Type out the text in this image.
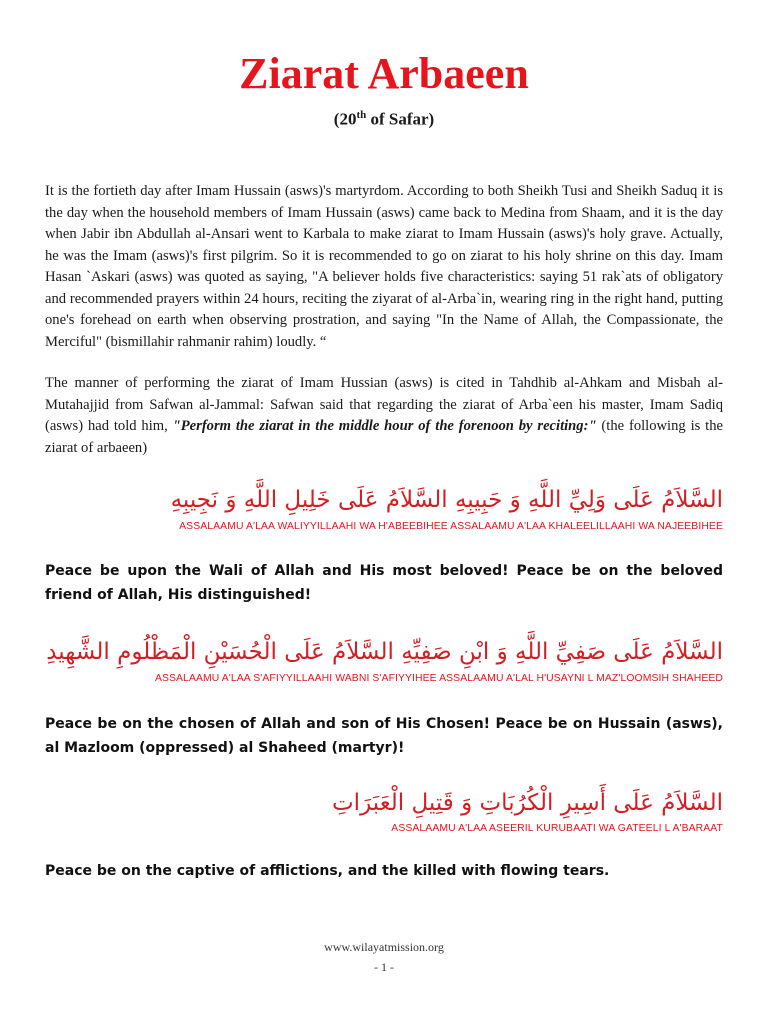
Ziarat Arbaeen
(20th of Safar)
It is the fortieth day after Imam Hussain (asws)'s martyrdom. According to both Sheikh Tusi and Sheikh Saduq it is the day when the household members of Imam Hussain (asws) came back to Medina from Shaam, and it is the day when Jabir ibn Abdullah al-Ansari went to Karbala to make ziarat to Imam Hussain (asws)'s holy grave. Actually, he was the Imam (asws)'s first pilgrim. So it is recommended to go on ziarat to his holy shrine on this day. Imam Hasan `Askari (asws) was quoted as saying, "A believer holds five characteristics: saying 51 rak`ats of obligatory and recommended prayers within 24 hours, reciting the ziyarat of al-Arba`in, wearing ring in the right hand, putting one's forehead on earth when observing prostration, and saying "In the Name of Allah, the Compassionate, the Merciful" (bismillahir rahmanir rahim) loudly. “
The manner of performing the ziarat of Imam Hussian (asws) is cited in Tahdhib al-Ahkam and Misbah al-Mutahajjid from Safwan al-Jammal: Safwan said that regarding the ziarat of Arba`een his master, Imam Sadiq (asws) had told him, "Perform the ziarat in the middle hour of the forenoon by reciting:" (the following is the ziarat of arbaeen)
السَّلاَمُ عَلَى وَلِيِّ اللَّهِ وَ حَبِيبِهِ السَّلاَمُ عَلَى خَلِيلِ اللَّهِ وَ نَجِيبِهِ
ASSALAAMU A'LAA WALIYYILLAAHI WA H'ABEEBIHEE ASSALAAMU A'LAA KHALEELILLAAHI WA NAJEEBIHEE
Peace be upon the Wali of Allah and His most beloved! Peace be on the beloved friend of Allah, His distinguished!
السَّلاَمُ عَلَى صَفِيِّ اللَّهِ وَ ابْنِ صَفِيِّهِ السَّلاَمُ عَلَى الْحُسَيْنِ الْمَظْلُومِ الشَّهِيدِ
ASSALAAMU A'LAA S'AFIYYILLAAHI WABNI S'AFIYYIHEE ASSALAAMU A'LAL H'USAYNI L MAZ'LOOMSIH SHAHEED
Peace be on the chosen of Allah and son of His Chosen! Peace be on Hussain (asws), al Mazloom (oppressed) al Shaheed (martyr)!
السَّلاَمُ عَلَى أَسِيرِ الْكُرُبَاتِ وَ قَتِيلِ الْعَبَرَاتِ
ASSALAAMU A'LAA ASEERIL KURUBAATI WA GATEELI L A'BARAAT
Peace be on the captive of afflictions, and the killed with flowing tears.
www.wilayatmission.org
- 1 -
